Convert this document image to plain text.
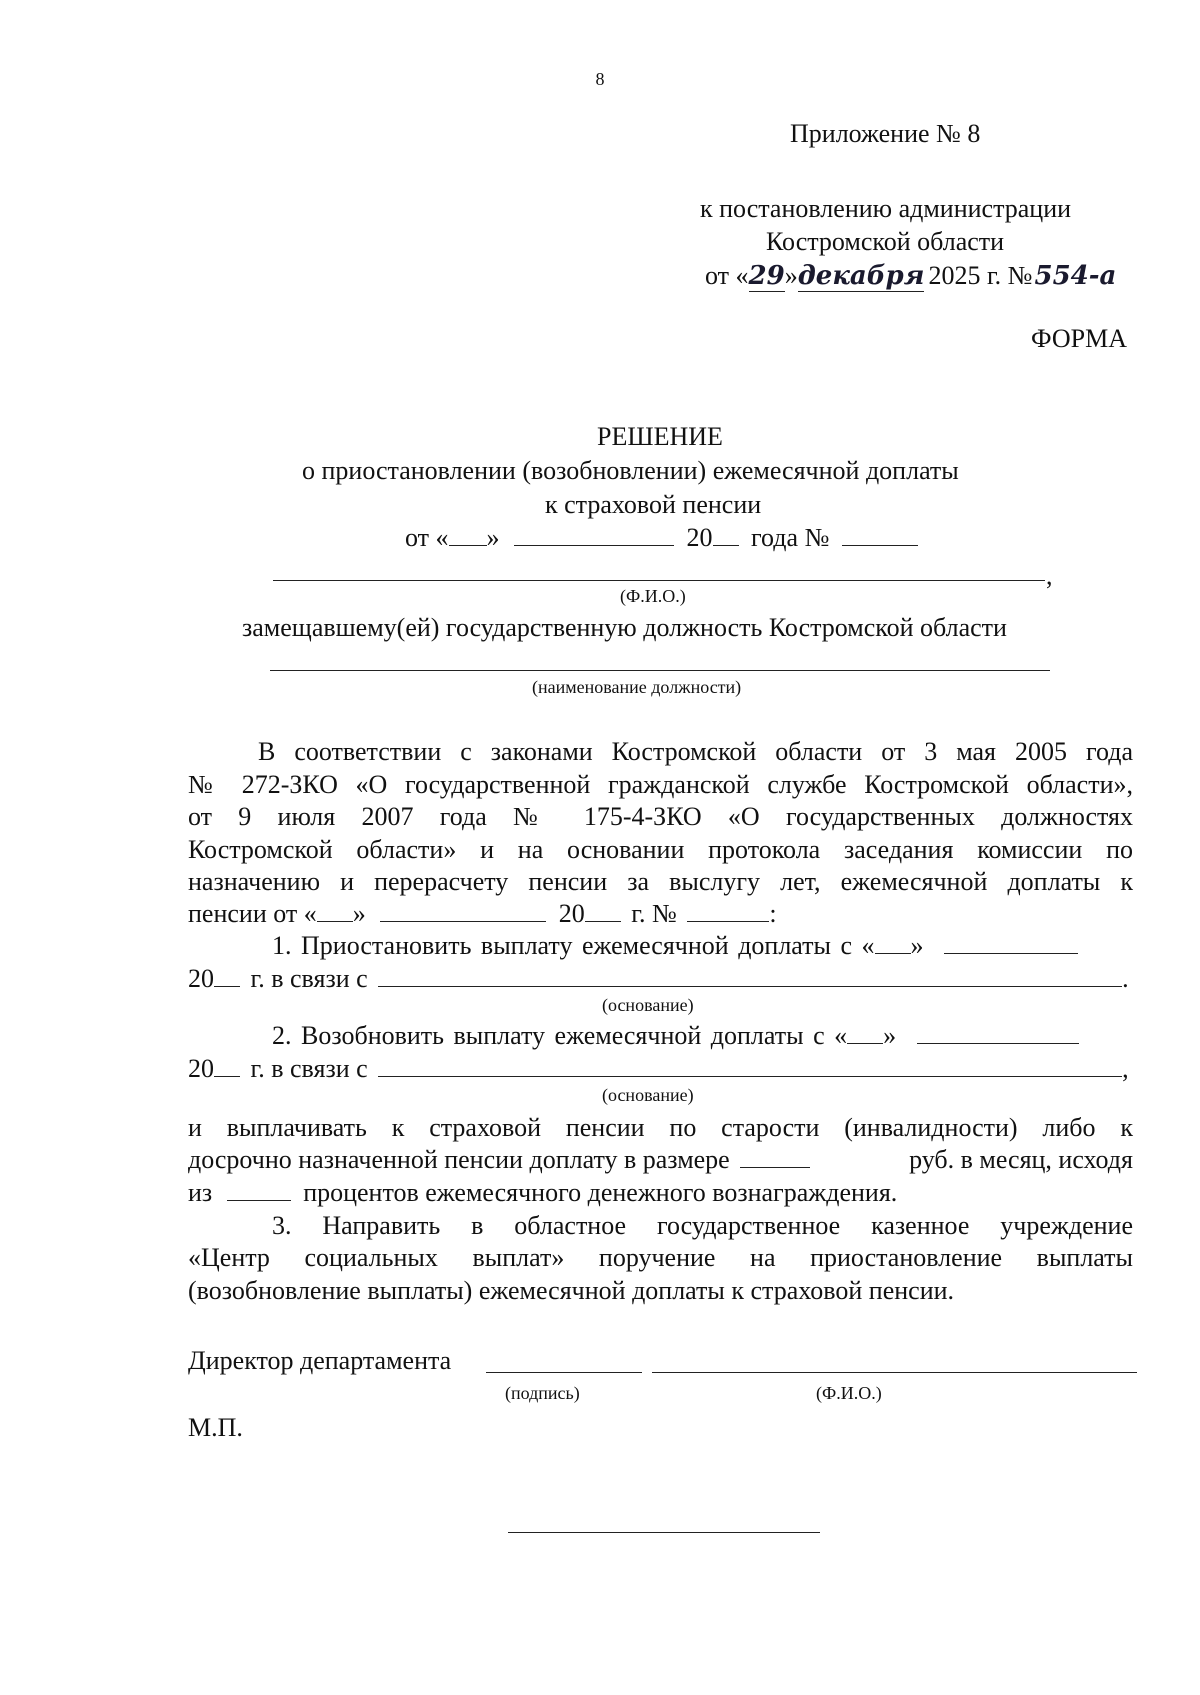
8
Приложение № 8
к постановлению администрации
Костромской области
от «29»декабря 2025 г. №554-а
ФОРМА
РЕШЕНИЕ
о приостановлении (возобновлении) ежемесячной доплаты
к страховой пенсии
от « »	20 года №
,
(Ф.И.О.)
замещавшему(ей) государственную должность Костромской области
(наименование должности)
В соответствии с законами Костромской области от 3 мая 2005 года
№ 272-ЗКО «О государственной гражданской службе Костромской области»,
от 9 июля 2007 года № 175-4-ЗКО «О государственных должностях
Костромской области» и на основании протокола заседания комиссии по
назначению и перерасчету пенсии за выслугу лет, ежемесячной доплаты к
пенсии от « »	20 г. №	:
1. Приостановить выплату ежемесячной доплаты с « »
20 г. в связи с	.
(основание)
2. Возобновить выплату ежемесячной доплаты с « »
20 г. в связи с	,
(основание)
и выплачивать к страховой пенсии по старости (инвалидности) либо к
досрочно назначенной пенсии доплату в размере	руб. в месяц, исходя
из	процентов ежемесячного денежного вознаграждения.
3. Направить в областное государственное казенное учреждение
«Центр социальных выплат» поручение на приостановление выплаты
(возобновление выплаты) ежемесячной доплаты к страховой пенсии.
Директор департамента
(подпись)	(Ф.И.О.)
М.П.
